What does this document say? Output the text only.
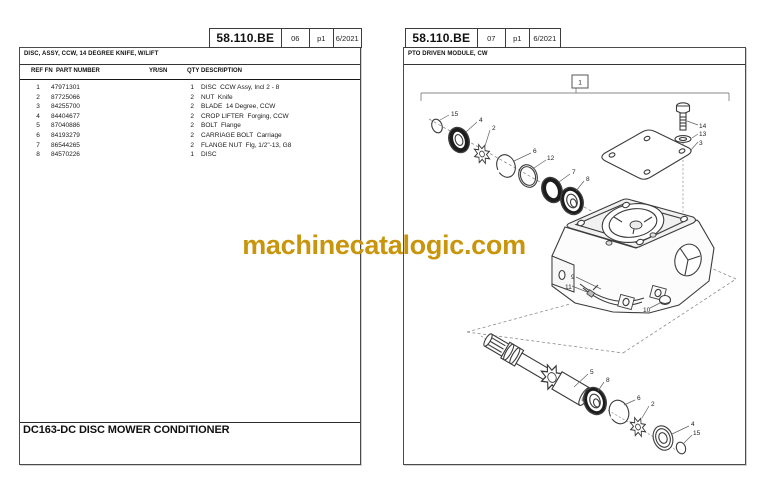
58.110.BE	06	p1	6/2021
DISC, ASSY, CCW, 14 DEGREE KNIFE, W/LIFT
REF FN PART NUMBER	YR/SN	QTY DESCRIPTION
1	47971301	1 DISC  CCW Assy, Incl 2 - 8
2	87725066	2 NUT  Knife
3	84255700	2 BLADE  14 Degree, CCW
4	84404677	2 CROP LIFTER  Forging, CCW
5	87040886	2 BOLT  Flange
6	84193279	2 CARRIAGE BOLT  Carriage
7	86544265	2 FLANGE NUT  Flg, 1/2"-13, G8
8	84570226	1 DISC
DC163-DC DISC MOWER CONDITIONER
58.110.BE	07	p1	6/2021
PTO DRIVEN MODULE, CW
1
15
4
2
6
12
7
8
14
13
3
9
11
10
5
8
6
2
4
15
machinecatalogic.com
